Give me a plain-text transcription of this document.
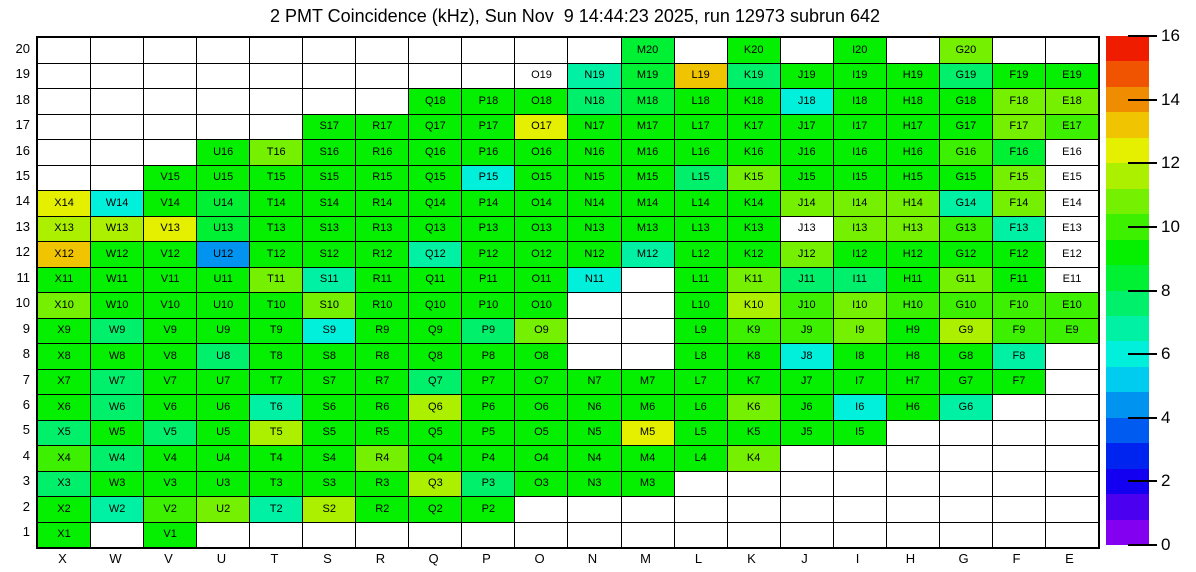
2 PMT Coincidence (kHz), Sun Nov  9 14:44:23 2025, run 12973 subrun 642
20
19
18
17
16
15
14
13
12
11
10
9
8
7
6
5
4
3
2
1
M20	K20	I20	G20
O19	N19	M19	L19	K19	J19	I19	H19	G19	F19	E19
Q18	P18	O18	N18	M18	L18	K18	J18	I18	H18	G18	F18	E18
S17	R17	Q17	P17	O17	N17	M17	L17	K17	J17	I17	H17	G17	F17	E17
U16	T16	S16	R16	Q16	P16	O16	N16	M16	L16	K16	J16	I16	H16	G16	F16	E16
V15	U15	T15	S15	R15	Q15	P15	O15	N15	M15	L15	K15	J15	I15	H15	G15	F15	E15
X14	W14	V14	U14	T14	S14	R14	Q14	P14	O14	N14	M14	L14	K14	J14	I14	H14	G14	F14	E14
X13	W13	V13	U13	T13	S13	R13	Q13	P13	O13	N13	M13	L13	K13	J13	I13	H13	G13	F13	E13
X12	W12	V12	U12	T12	S12	R12	Q12	P12	O12	N12	M12	L12	K12	J12	I12	H12	G12	F12	E12
X11	W11	V11	U11	T11	S11	R11	Q11	P11	O11	N11	L11	K11	J11	I11	H11	G11	F11	E11
X10	W10	V10	U10	T10	S10	R10	Q10	P10	O10	L10	K10	J10	I10	H10	G10	F10	E10
X9	W9	V9	U9	T9	S9	R9	Q9	P9	O9	L9	K9	J9	I9	H9	G9	F9	E9
X8	W8	V8	U8	T8	S8	R8	Q8	P8	O8	L8	K8	J8	I8	H8	G8	F8
X7	W7	V7	U7	T7	S7	R7	Q7	P7	O7	N7	M7	L7	K7	J7	I7	H7	G7	F7
X6	W6	V6	U6	T6	S6	R6	Q6	P6	O6	N6	M6	L6	K6	J6	I6	H6	G6
X5	W5	V5	U5	T5	S5	R5	Q5	P5	O5	N5	M5	L5	K5	J5	I5
X4	W4	V4	U4	T4	S4	R4	Q4	P4	O4	N4	M4	L4	K4
X3	W3	V3	U3	T3	S3	R3	Q3	P3	O3	N3	M3
X2	W2	V2	U2	T2	S2	R2	Q2	P2
X1	V1
X	W	V	U	T	S	R	Q	P	O	N	M	L	K	J	I	H	G	F	E
0
2
4
6
8
10
12
14
16
